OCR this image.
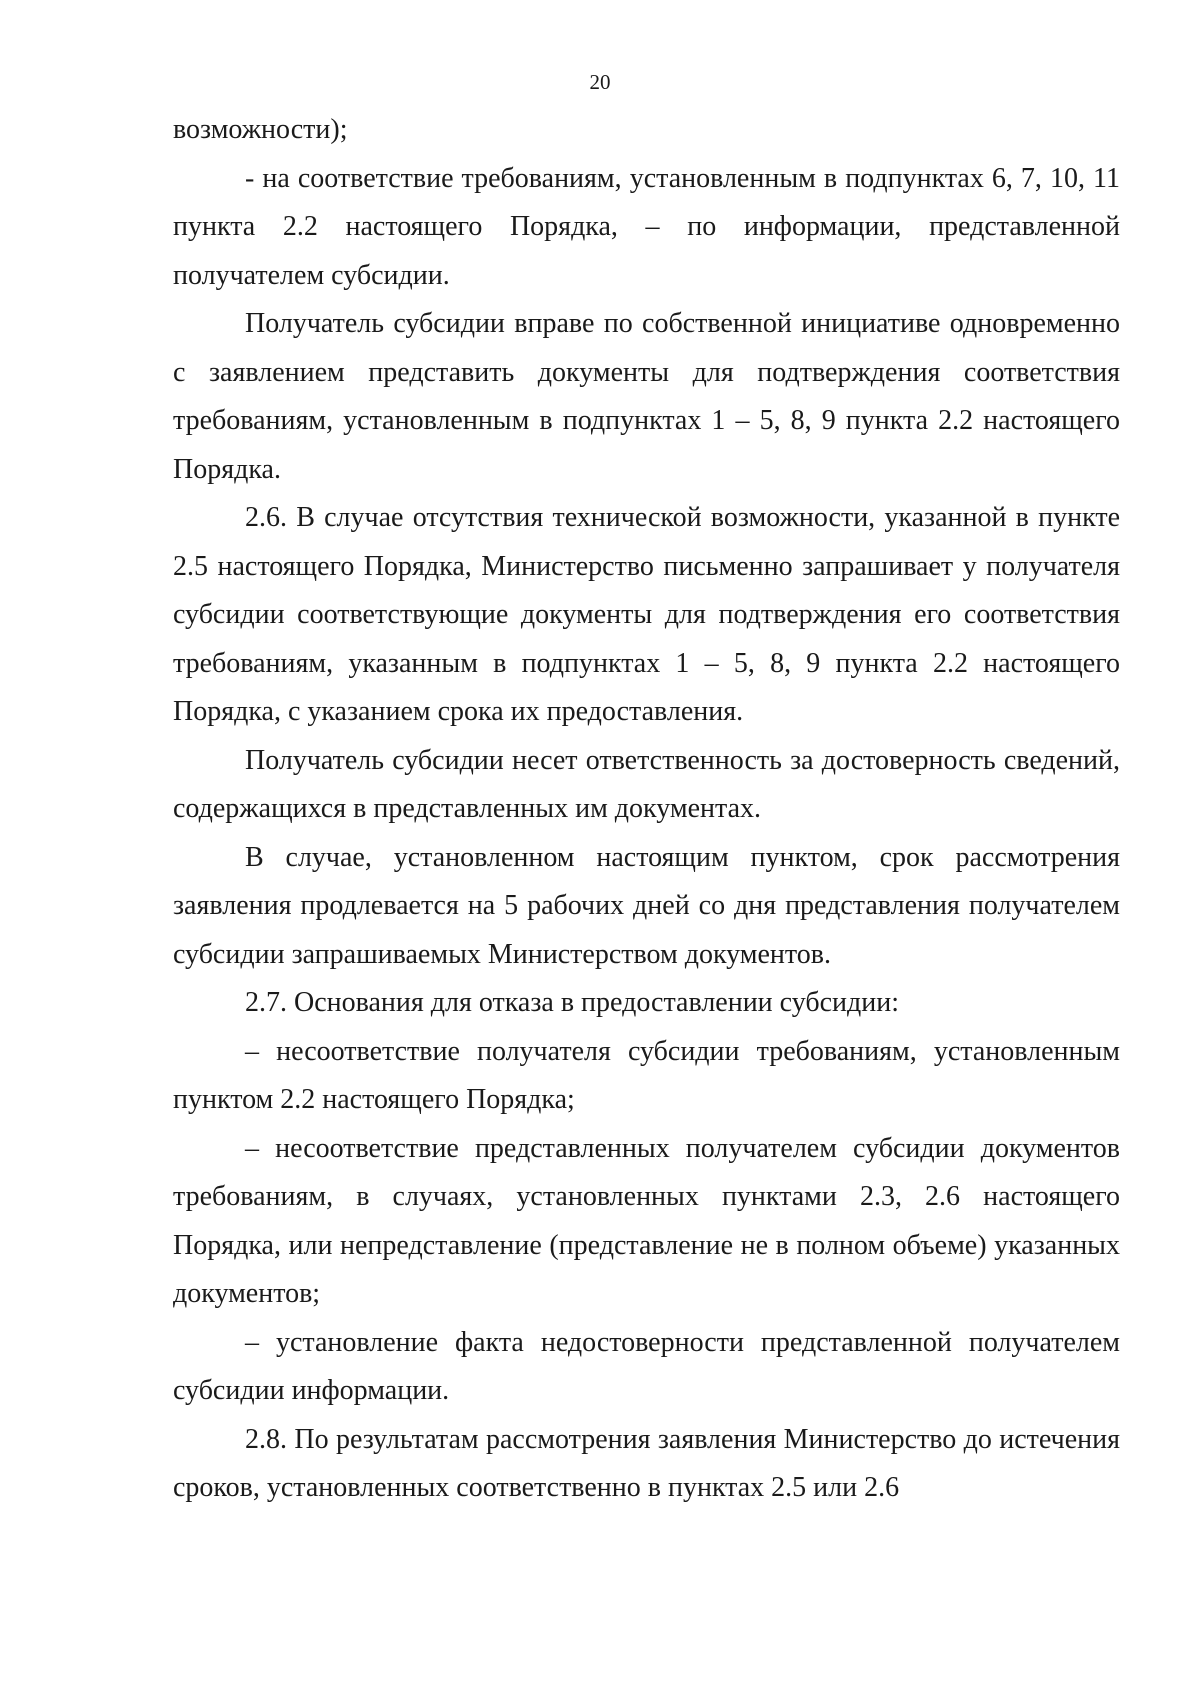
20

возможности);

- на соответствие требованиям, установленным в подпунктах 6, 7, 10, 11 пункта 2.2 настоящего Порядка, – по информации, представленной получателем субсидии.

Получатель субсидии вправе по собственной инициативе одновременно с заявлением представить документы для подтверждения соответствия требованиям, установленным в подпунктах 1 – 5, 8, 9 пункта 2.2 настоящего Порядка.

2.6. В случае отсутствия технической возможности, указанной в пункте 2.5 настоящего Порядка, Министерство письменно запрашивает у получателя субсидии соответствующие документы для подтверждения его соответствия требованиям, указанным в подпунктах 1 – 5, 8, 9 пункта 2.2 настоящего Порядка, с указанием срока их предоставления.

Получатель субсидии несет ответственность за достоверность сведений, содержащихся в представленных им документах.

В случае, установленном настоящим пунктом, срок рассмотрения заявления продлевается на 5 рабочих дней со дня представления получателем субсидии запрашиваемых Министерством документов.

2.7. Основания для отказа в предоставлении субсидии:

– несоответствие получателя субсидии требованиям, установленным пунктом 2.2 настоящего Порядка;

– несоответствие представленных получателем субсидии документов требованиям, в случаях, установленных пунктами 2.3, 2.6 настоящего Порядка, или непредставление (представление не в полном объеме) указанных документов;

– установление факта недостоверности представленной получателем субсидии информации.

2.8. По результатам рассмотрения заявления Министерство до истечения сроков, установленных соответственно в пунктах 2.5 или 2.6
